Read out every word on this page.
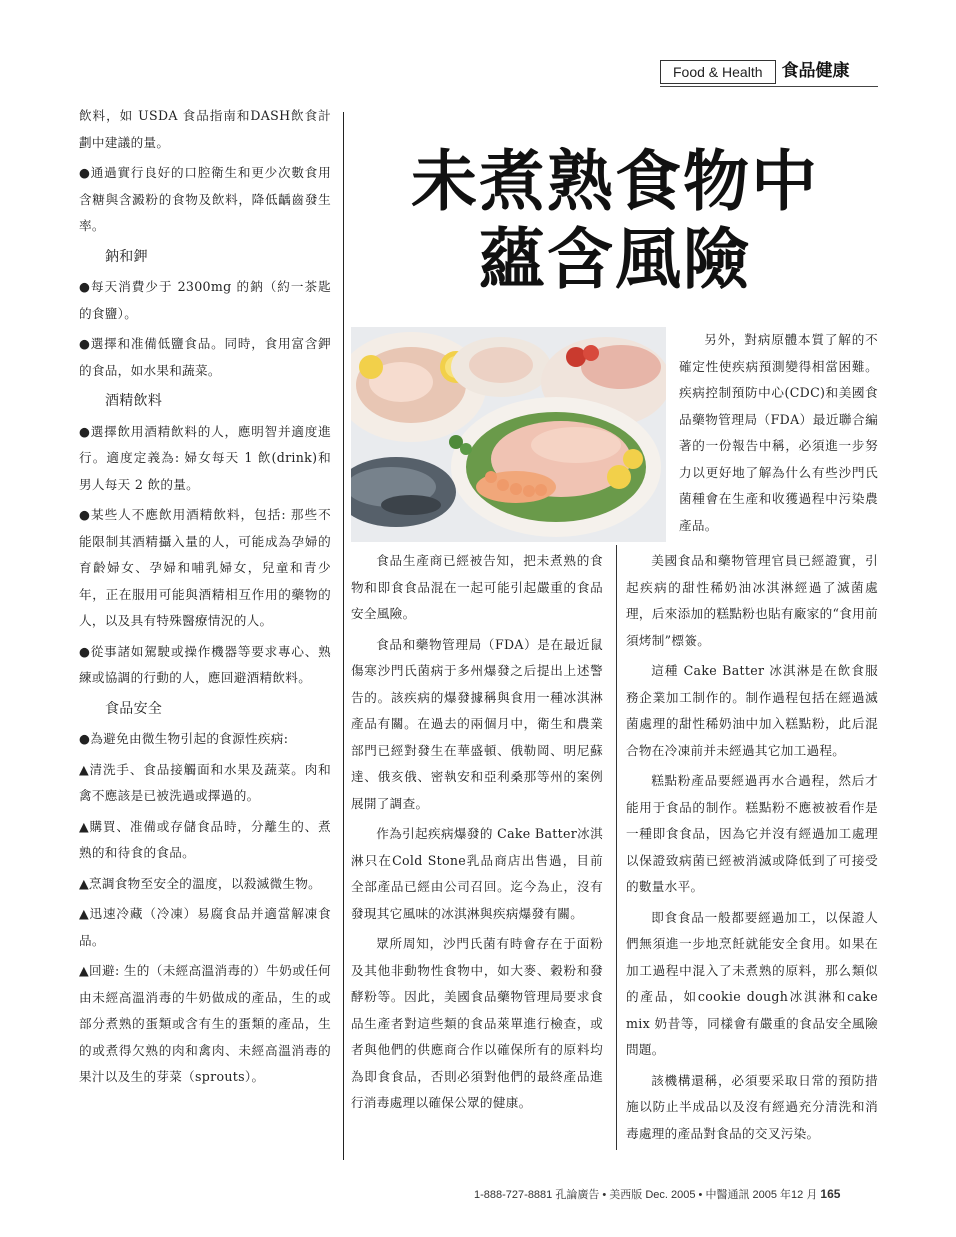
Food & Health	食品健康

飲料，如 USDA 食品指南和DASH飲食計劃中建議的量。

●通過實行良好的口腔衛生和更少次數食用含糖與含澱粉的食物及飲料，降低齲齒發生率。

鈉和鉀

●每天消費少于 2300mg 的鈉（約一茶匙的食鹽）。

●選擇和准備低鹽食品。同時，食用富含鉀的食品，如水果和蔬菜。

酒精飲料

●選擇飲用酒精飲料的人，應明智并適度進行。適度定義為: 婦女每天 1 飲(drink)和男人每天 2 飲的量。

●某些人不應飲用酒精飲料，包括: 那些不能限制其酒精攝入量的人，可能成為孕婦的育齡婦女、孕婦和哺乳婦女，兒童和青少年，正在服用可能與酒精相互作用的藥物的人，以及具有特殊醫療情況的人。

●從事諸如駕駛或操作機器等要求專心、熟練或協調的行動的人，應回避酒精飲料。

食品安全

●為避免由微生物引起的食源性疾病:

▲清洗手、食品接觸面和水果及蔬菜。肉和禽不應該是已被洗過或擇過的。

▲購買、准備或存儲食品時，分離生的、煮熟的和待食的食品。

▲烹調食物至安全的溫度，以殺滅微生物。

▲迅速冷藏（冷凍）易腐食品并適當解凍食品。

▲回避: 生的（未經高溫消毒的）牛奶或任何由未經高溫消毒的牛奶做成的產品，生的或部分煮熟的蛋類或含有生的蛋類的產品，生的或煮得欠熟的肉和禽肉、未經高溫消毒的果汁以及生的芽菜（sprouts）。

未煮熟食物中
蘊含風險

另外，對病原體本質了解的不確定性使疾病預測變得相當困難。疾病控制預防中心(CDC)和美國食品藥物管理局（FDA）最近聯合編著的一份報告中稱，必須進一步努力以更好地了解為什么有些沙門氏菌種會在生產和收獲過程中污染農產品。

食品生產商已經被告知，把未煮熟的食物和即食食品混在一起可能引起嚴重的食品安全風險。

食品和藥物管理局（FDA）是在最近鼠傷寒沙門氏菌病于多州爆發之后提出上述警告的。該疾病的爆發據稱與食用一種冰淇淋產品有關。在過去的兩個月中，衛生和農業部門已經對發生在華盛頓、俄勒岡、明尼蘇達、俄亥俄、密執安和亞利桑那等州的案例展開了調查。

作為引起疾病爆發的 Cake Batter冰淇淋只在Cold Stone乳品商店出售過，目前全部產品已經由公司召回。迄今為止，沒有發現其它風味的冰淇淋與疾病爆發有關。

眾所周知，沙門氏菌有時會存在于面粉及其他非動物性食物中，如大麥、穀粉和發酵粉等。因此，美國食品藥物管理局要求食品生產者對這些類的食品萊單進行檢查，或者與他們的供應商合作以確保所有的原料均為即食食品，否則必須對他們的最終產品進行消毒處理以確保公眾的健康。

美國食品和藥物管理官員已經證實，引起疾病的甜性稀奶油冰淇淋經過了滅菌處理，后來添加的糕點粉也貼有廠家的“食用前須烤制”標簽。

這種 Cake Batter 冰淇淋是在飲食服務企業加工制作的。制作過程包括在經過滅菌處理的甜性稀奶油中加入糕點粉，此后混合物在冷凍前并未經過其它加工過程。

糕點粉產品要經過再水合過程，然后才能用于食品的制作。糕點粉不應被被看作是一種即食食品，因為它并沒有經過加工處理以保證致病菌已經被消滅或降低到了可接受的數量水平。

即食食品一般都要經過加工，以保證人們無須進一步地烹飪就能安全食用。如果在加工過程中混入了未煮熟的原料，那么類似的產品，如cookie dough冰淇淋和cake mix 奶昔等，同樣會有嚴重的食品安全風險問題。

該機構還稱，必須要采取日常的預防措施以防止半成品以及沒有經過充分清洗和消毒處理的產品對食品的交叉污染。

1-888-727-8881 孔論廣告 • 美西版 Dec. 2005 • 中醫通訊 2005 年12 月 165
